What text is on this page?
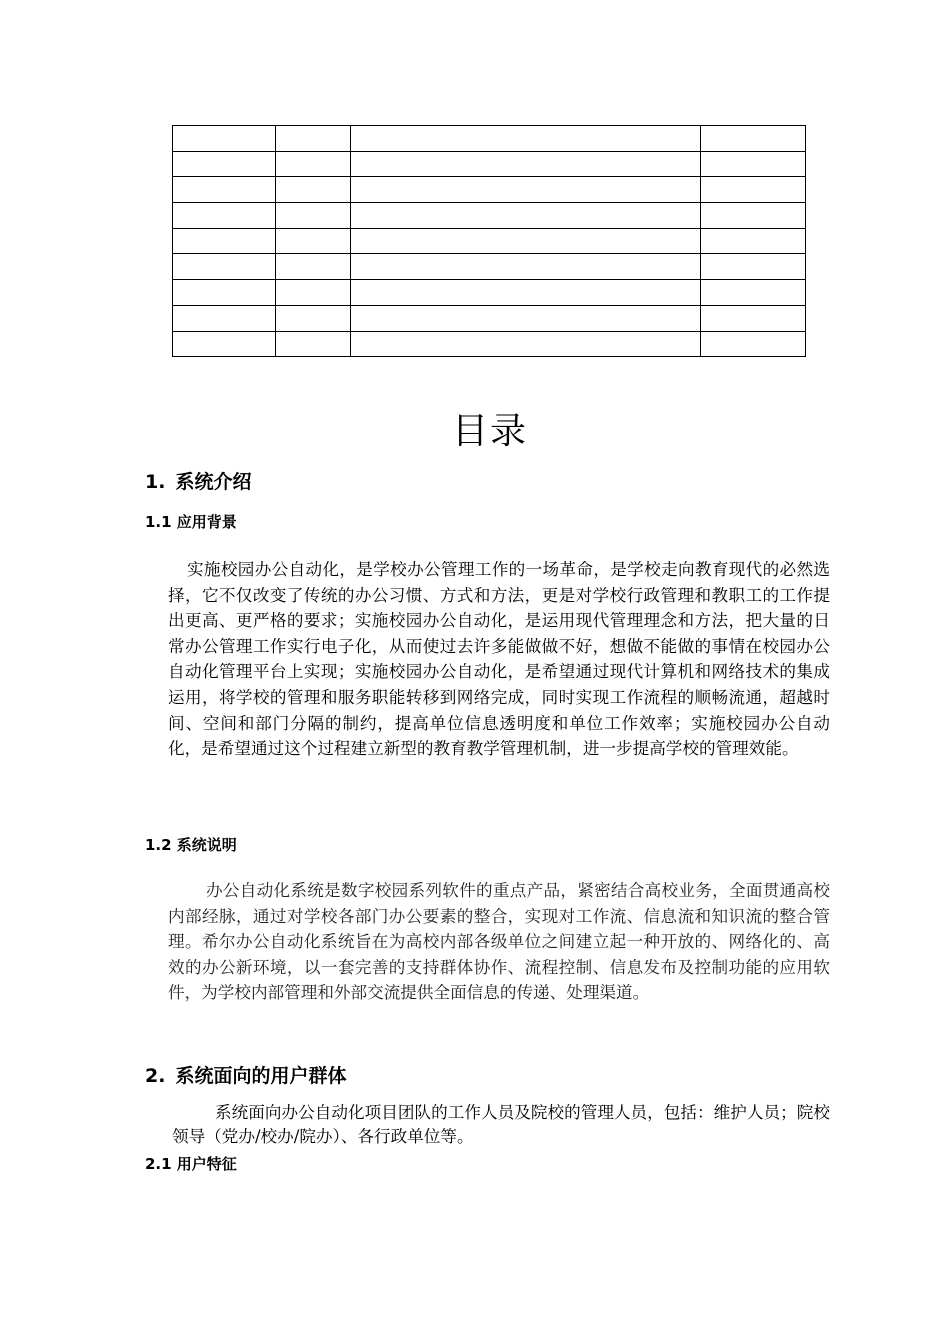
目录
1. 系统介绍
1.1 应用背景

实施校园办公自动化，是学校办公管理工作的一场革命，是学校走向教育现代的必然选择，它不仅改变了传统的办公习惯、方式和方法，更是对学校行政管理和教职工的工作提出更高、更严格的要求；实施校园办公自动化，是运用现代管理理念和方法，把大量的日常办公管理工作实行电子化，从而使过去许多能做做不好，想做不能做的事情在校园办公自动化管理平台上实现；实施校园办公自动化，是希望通过现代计算机和网络技术的集成运用，将学校的管理和服务职能转移到网络完成，同时实现工作流程的顺畅流通，超越时间、空间和部门分隔的制约，提高单位信息透明度和单位工作效率；实施校园办公自动化，是希望通过这个过程建立新型的教育教学管理机制，进一步提高学校的管理效能。

1.2 系统说明

办公自动化系统是数字校园系列软件的重点产品，紧密结合高校业务，全面贯通高校内部经脉，通过对学校各部门办公要素的整合，实现对工作流、信息流和知识流的整合管理。希尔办公自动化系统旨在为高校内部各级单位之间建立起一种开放的、网络化的、高效的办公新环境，以一套完善的支持群体协作、流程控制、信息发布及控制功能的应用软件，为学校内部管理和外部交流提供全面信息的传递、处理渠道。

2. 系统面向的用户群体

系统面向办公自动化项目团队的工作人员及院校的管理人员，包括：维护人员；院校领导（党办/校办/院办）、各行政单位等。

2.1 用户特征
